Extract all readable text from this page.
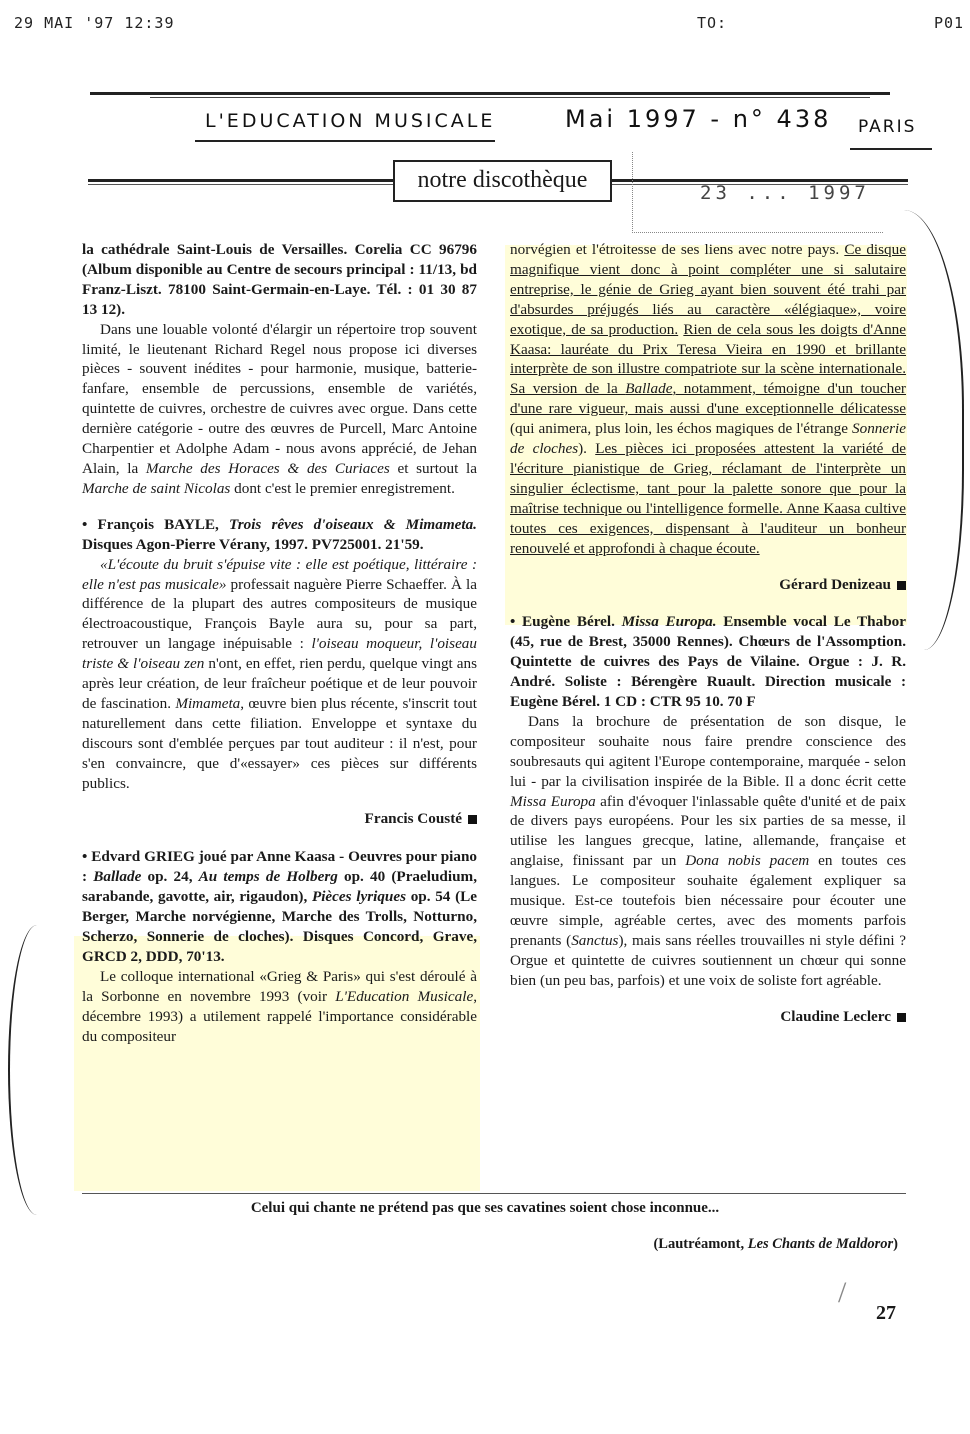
29 MAI '97 12:39	TO:	P01
L'EDUCATION MUSICALE	Mai 1997 - n° 438 PARIS
notre discothèque	23 ... 1997

la cathédrale Saint-Louis de Versailles. Corelia CC 96796 (Album disponible au Centre de secours principal : 11/13, bd Franz-Liszt. 78100 Saint-Germain-en-Laye. Tél. : 01 30 87 13 12).

Dans une louable volonté d'élargir un répertoire trop souvent limité, le lieutenant Richard Regel nous propose ici diverses pièces - souvent inédites - pour harmonie, musique, batterie-fanfare, ensemble de percussions, ensemble de variétés, quintette de cuivres, orchestre de cuivres avec orgue. Dans cette dernière catégorie - outre des œuvres de Purcell, Marc Antoine Charpentier et Adolphe Adam - nous avons apprécié, de Jehan Alain, la Marche des Horaces & des Curiaces et surtout la Marche de saint Nicolas dont c'est le premier enregistrement.

• François BAYLE, Trois rêves d'oiseaux & Mimameta. Disques Agon-Pierre Vérany, 1997. PV725001. 21'59.

«L'écoute du bruit s'épuise vite : elle est poétique, littéraire : elle n'est pas musicale» professait naguère Pierre Schaeffer. À la différence de la plupart des autres compositeurs de musique électroacoustique, François Bayle aura su, pour sa part, retrouver un langage inépuisable : l'oiseau moqueur, l'oiseau triste & l'oiseau zen n'ont, en effet, rien perdu, quelque vingt ans après leur création, de leur fraîcheur poétique et de leur pouvoir de fascination. Mimameta, œuvre bien plus récente, s'inscrit tout naturellement dans cette filiation. Enveloppe et syntaxe du discours sont d'emblée perçues par tout auditeur : il n'est, pour s'en convaincre, que d'«essayer» ces pièces sur différents publics.

Francis Cousté

• Edvard GRIEG joué par Anne Kaasa - Oeuvres pour piano : Ballade op. 24, Au temps de Holberg op. 40 (Praeludium, sarabande, gavotte, air, rigaudon), Pièces lyriques op. 54 (Le Berger, Marche norvégienne, Marche des Trolls, Notturno, Scherzo, Sonnerie de cloches). Disques Concord, Grave, GRCD 2, DDD, 70'13.

Le colloque international «Grieg & Paris» qui s'est déroulé à la Sorbonne en novembre 1993 (voir L'Education Musicale, décembre 1993) a utilement rappelé l'importance considérable du compositeur

norvégien et l'étroitesse de ses liens avec notre pays. Ce disque magnifique vient donc à point compléter une si salutaire entreprise, le génie de Grieg ayant bien souvent été trahi par d'absurdes préjugés liés au caractère «élégiaque», voire exotique, de sa production. Rien de cela sous les doigts d'Anne Kaasa: lauréate du Prix Teresa Vieira en 1990 et brillante interprète de son illustre compatriote sur la scène internationale. Sa version de la Ballade, notamment, témoigne d'un toucher d'une rare vigueur, mais aussi d'une exceptionnelle délicatesse (qui animera, plus loin, les échos magiques de l'étrange Sonnerie de cloches). Les pièces ici proposées attestent la variété de l'écriture pianistique de Grieg, réclamant de l'interprète un singulier éclectisme, tant pour la palette sonore que pour la maîtrise technique ou l'intelligence formelle. Anne Kaasa cultive toutes ces exigences, dispensant à l'auditeur un bonheur renouvelé et approfondi à chaque écoute.

Gérard Denizeau

• Eugène Bérel. Missa Europa. Ensemble vocal Le Thabor (45, rue de Brest, 35000 Rennes). Chœurs de l'Assomption. Quintette de cuivres des Pays de Vilaine. Orgue : J. R. André. Soliste : Bérengère Ruault. Direction musicale : Eugène Bérel. 1 CD : CTR 95 10. 70 F

Dans la brochure de présentation de son disque, le compositeur souhaite nous faire prendre conscience des soubresauts qui agitent l'Europe contemporaine, marquée - selon lui - par la civilisation inspirée de la Bible. Il a donc écrit cette Missa Europa afin d'évoquer l'inlassable quête d'unité et de paix de divers pays européens. Pour les six parties de sa messe, il utilise les langues grecque, latine, allemande, française et anglaise, finissant par un Dona nobis pacem en toutes ces langues. Le compositeur souhaite également expliquer sa musique. Est-ce toutefois bien nécessaire pour écouter une œuvre simple, agréable certes, avec des moments parfois prenants (Sanctus), mais sans réelles trouvailles ni style défini ? Orgue et quintette de cuivres soutiennent un chœur qui sonne bien (un peu bas, parfois) et une voix de soliste fort agréable.

Claudine Leclerc

Celui qui chante ne prétend pas que ses cavatines soient chose inconnue...
(Lautréamont, Les Chants de Maldoror)
/
27
